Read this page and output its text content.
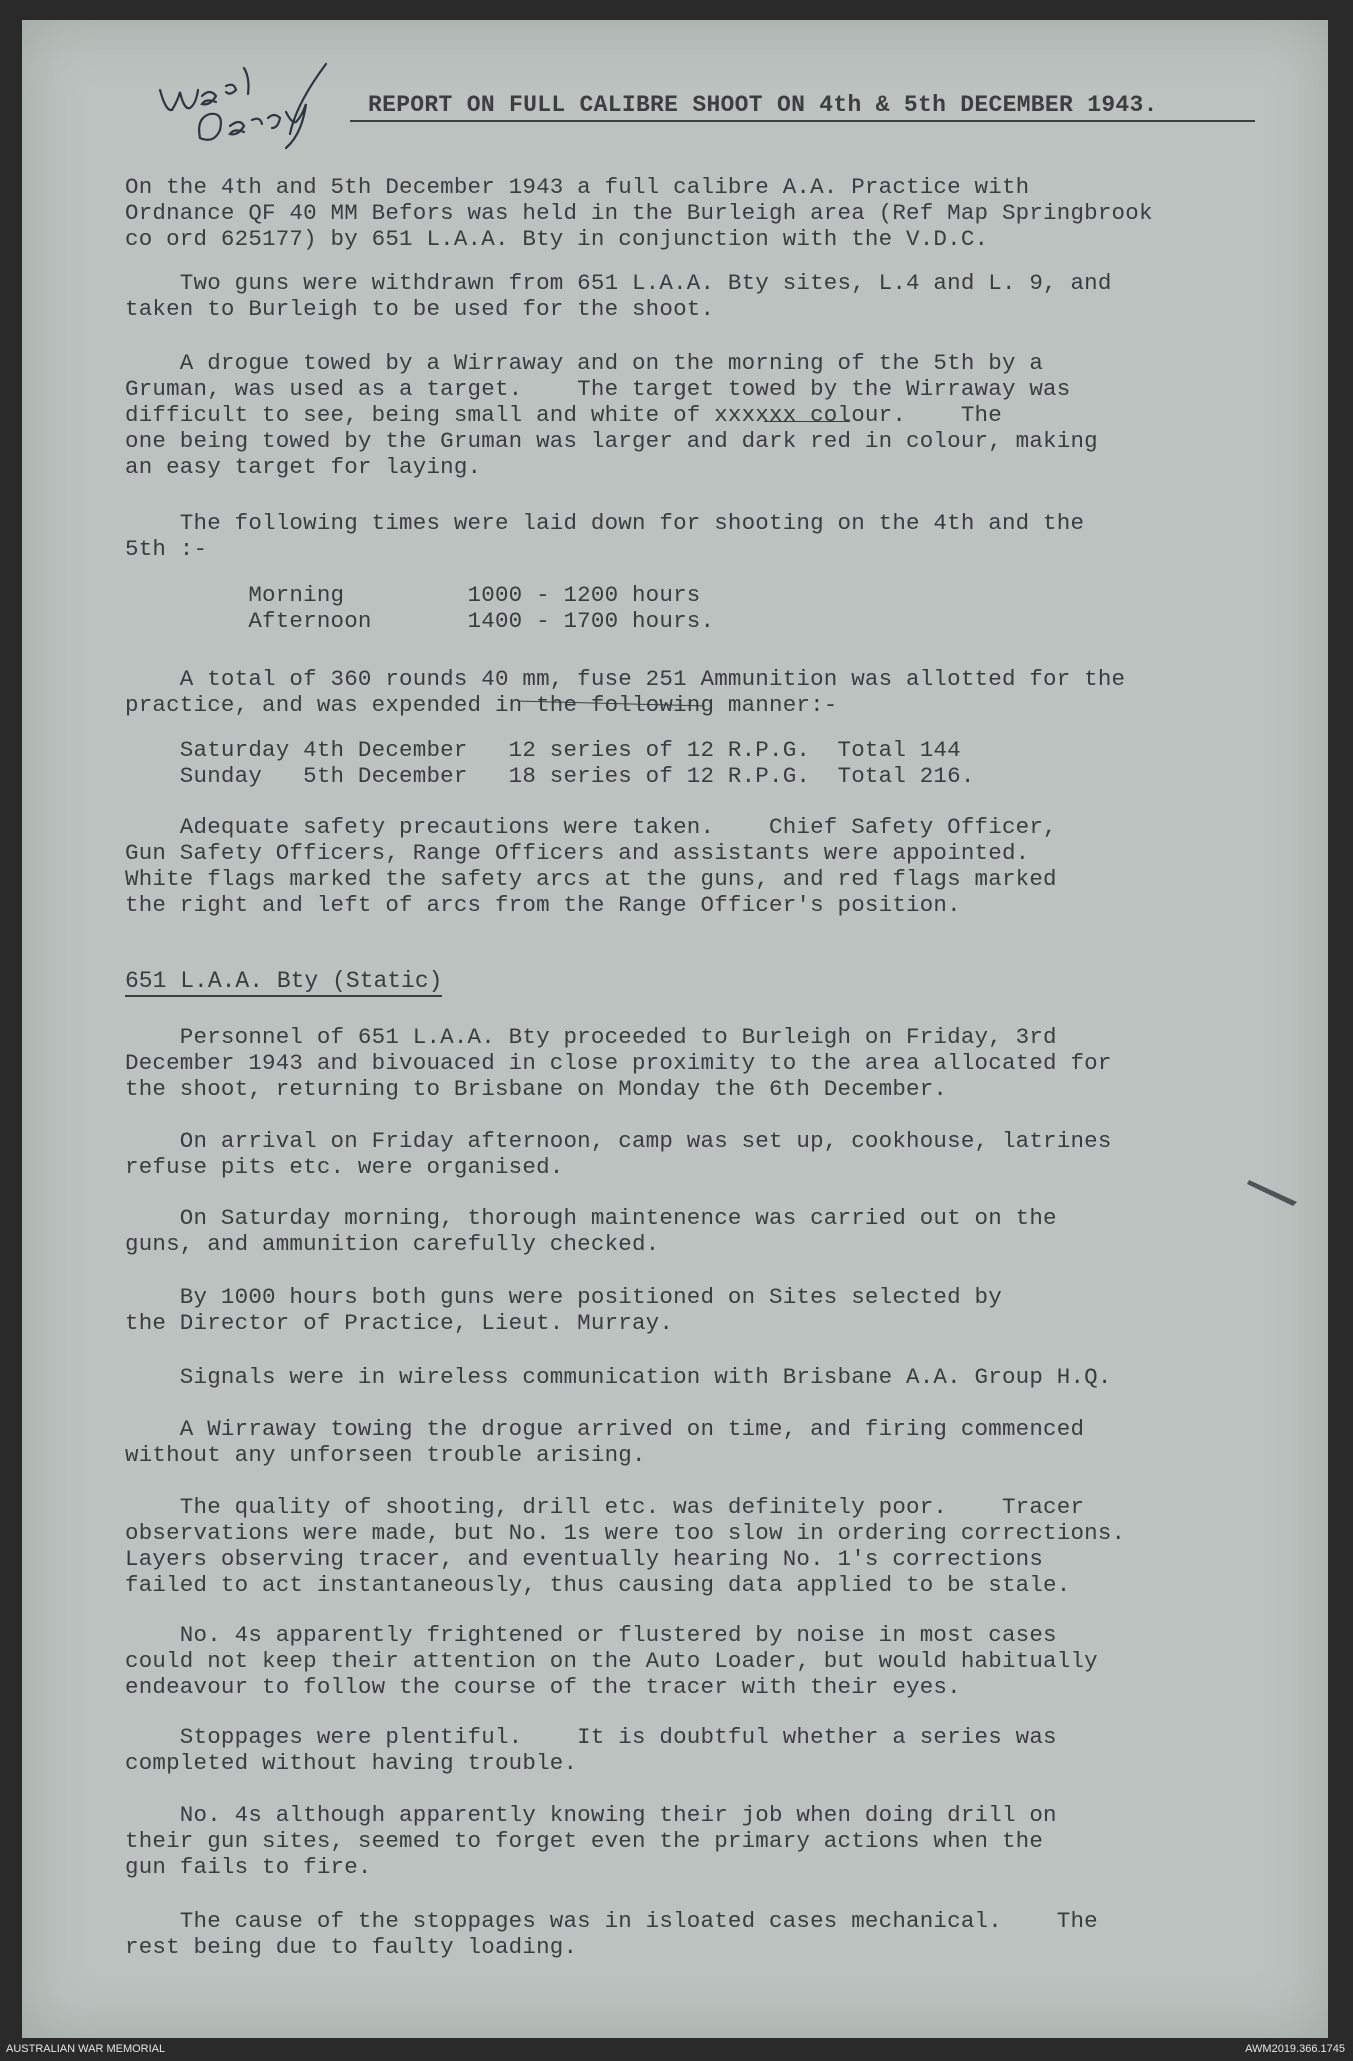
REPORT ON FULL CALIBRE SHOOT ON 4th & 5th DECEMBER 1943.
On the 4th and 5th December 1943 a full calibre A.A. Practice with
Ordnance QF 40 MM Befors was held in the Burleigh area (Ref Map Springbrook
co ord 625177) by 651 L.A.A. Bty in conjunction with the V.D.C.
Two guns were withdrawn from 651 L.A.A. Bty sites, L.4 and L. 9, and
taken to Burleigh to be used for the shoot.
A drogue towed by a Wirraway and on the morning of the 5th by a
Gruman, was used as a target.    The target towed by the Wirraway was
difficult to see, being small and white of xxxxxx colour.    The
one being towed by the Gruman was larger and dark red in colour, making
an easy target for laying.
The following times were laid down for shooting on the 4th and the
5th :-
Morning         1000 - 1200 hours
Afternoon       1400 - 1700 hours.
A total of 360 rounds 40 mm, fuse 251 Ammunition was allotted for the
practice, and was expended in the following manner:-
Saturday 4th December   12 series of 12 R.P.G.  Total 144
Sunday   5th December   18 series of 12 R.P.G.  Total 216.
Adequate safety precautions were taken.    Chief Safety Officer,
Gun Safety Officers, Range Officers and assistants were appointed.
White flags marked the safety arcs at the guns, and red flags marked
the right and left of arcs from the Range Officer's position.
651 L.A.A. Bty (Static)
Personnel of 651 L.A.A. Bty proceeded to Burleigh on Friday, 3rd
December 1943 and bivouaced in close proximity to the area allocated for
the shoot, returning to Brisbane on Monday the 6th December.
On arrival on Friday afternoon, camp was set up, cookhouse, latrines
refuse pits etc. were organised.
On Saturday morning, thorough maintenence was carried out on the
guns, and ammunition carefully checked.
By 1000 hours both guns were positioned on Sites selected by
the Director of Practice, Lieut. Murray.
Signals were in wireless communication with Brisbane A.A. Group H.Q.
A Wirraway towing the drogue arrived on time, and firing commenced
without any unforseen trouble arising.
The quality of shooting, drill etc. was definitely poor.    Tracer
observations were made, but No. 1s were too slow in ordering corrections.
Layers observing tracer, and eventually hearing No. 1's corrections
failed to act instantaneously, thus causing data applied to be stale.
No. 4s apparently frightened or flustered by noise in most cases
could not keep their attention on the Auto Loader, but would habitually
endeavour to follow the course of the tracer with their eyes.
Stoppages were plentiful.    It is doubtful whether a series was
completed without having trouble.
No. 4s although apparently knowing their job when doing drill on
their gun sites, seemed to forget even the primary actions when the
gun fails to fire.
The cause of the stoppages was in isloated cases mechanical.    The
rest being due to faulty loading.
AUSTRALIAN WAR MEMORIAL	AWM2019.366.1745
